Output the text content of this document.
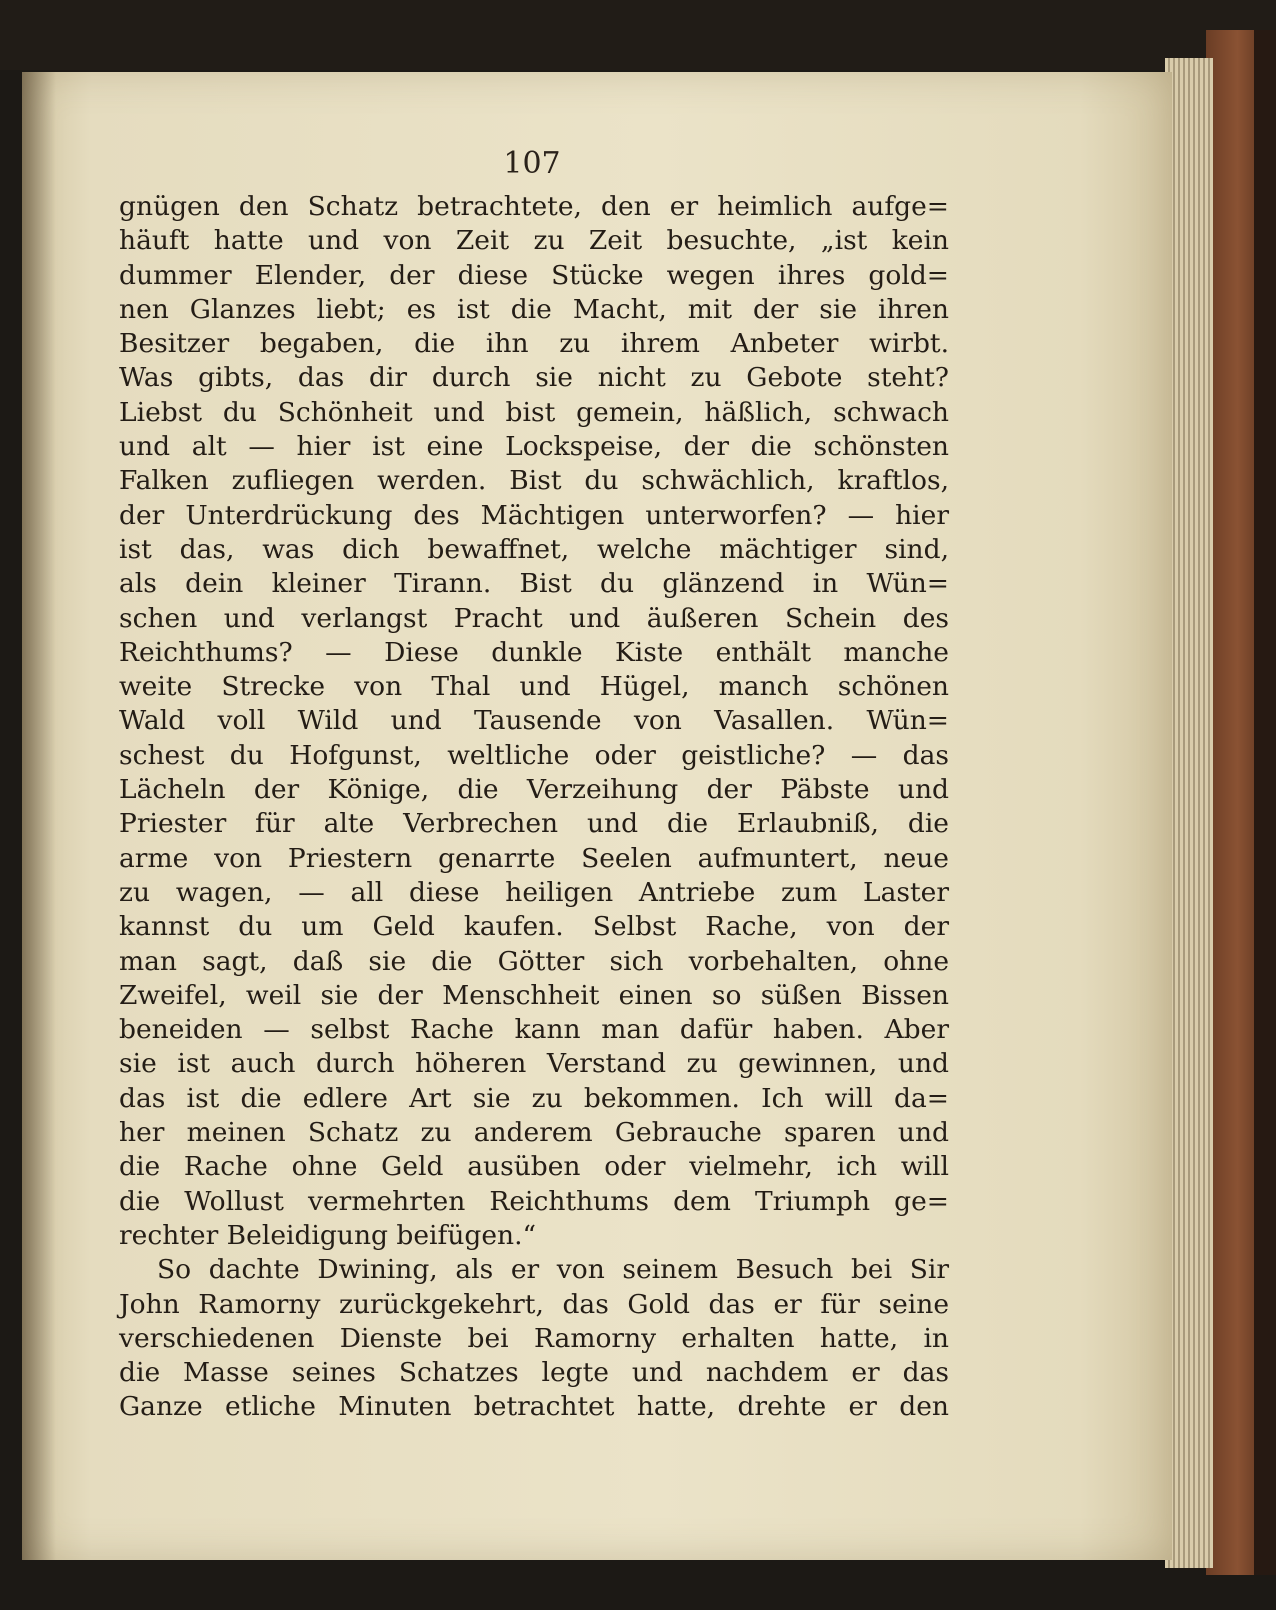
107
gnügen den Schatz betrachtete, den er heimlich aufge=
häuft hatte und von Zeit zu Zeit besuchte, „ist kein
dummer Elender, der diese Stücke wegen ihres gold=
nen Glanzes liebt; es ist die Macht, mit der sie ihren
Besitzer begaben, die ihn zu ihrem Anbeter wirbt.
Was gibts, das dir durch sie nicht zu Gebote steht?
Liebst du Schönheit und bist gemein, häßlich, schwach
und alt — hier ist eine Lockspeise, der die schönsten
Falken zufliegen werden. Bist du schwächlich, kraftlos,
der Unterdrückung des Mächtigen unterworfen? — hier
ist das, was dich bewaffnet, welche mächtiger sind,
als dein kleiner Tirann. Bist du glänzend in Wün=
schen und verlangst Pracht und äußeren Schein des
Reichthums? — Diese dunkle Kiste enthält manche
weite Strecke von Thal und Hügel, manch schönen
Wald voll Wild und Tausende von Vasallen. Wün=
schest du Hofgunst, weltliche oder geistliche? — das
Lächeln der Könige, die Verzeihung der Päbste und
Priester für alte Verbrechen und die Erlaubniß, die
arme von Priestern genarrte Seelen aufmuntert, neue
zu wagen, — all diese heiligen Antriebe zum Laster
kannst du um Geld kaufen. Selbst Rache, von der
man sagt, daß sie die Götter sich vorbehalten, ohne
Zweifel, weil sie der Menschheit einen so süßen Bissen
beneiden — selbst Rache kann man dafür haben. Aber
sie ist auch durch höheren Verstand zu gewinnen, und
das ist die edlere Art sie zu bekommen. Ich will da=
her meinen Schatz zu anderem Gebrauche sparen und
die Rache ohne Geld ausüben oder vielmehr, ich will
die Wollust vermehrten Reichthums dem Triumph ge=
rechter Beleidigung beifügen.“
So dachte Dwining, als er von seinem Besuch bei Sir
John Ramorny zurückgekehrt, das Gold das er für seine
verschiedenen Dienste bei Ramorny erhalten hatte, in
die Masse seines Schatzes legte und nachdem er das
Ganze etliche Minuten betrachtet hatte, drehte er den
